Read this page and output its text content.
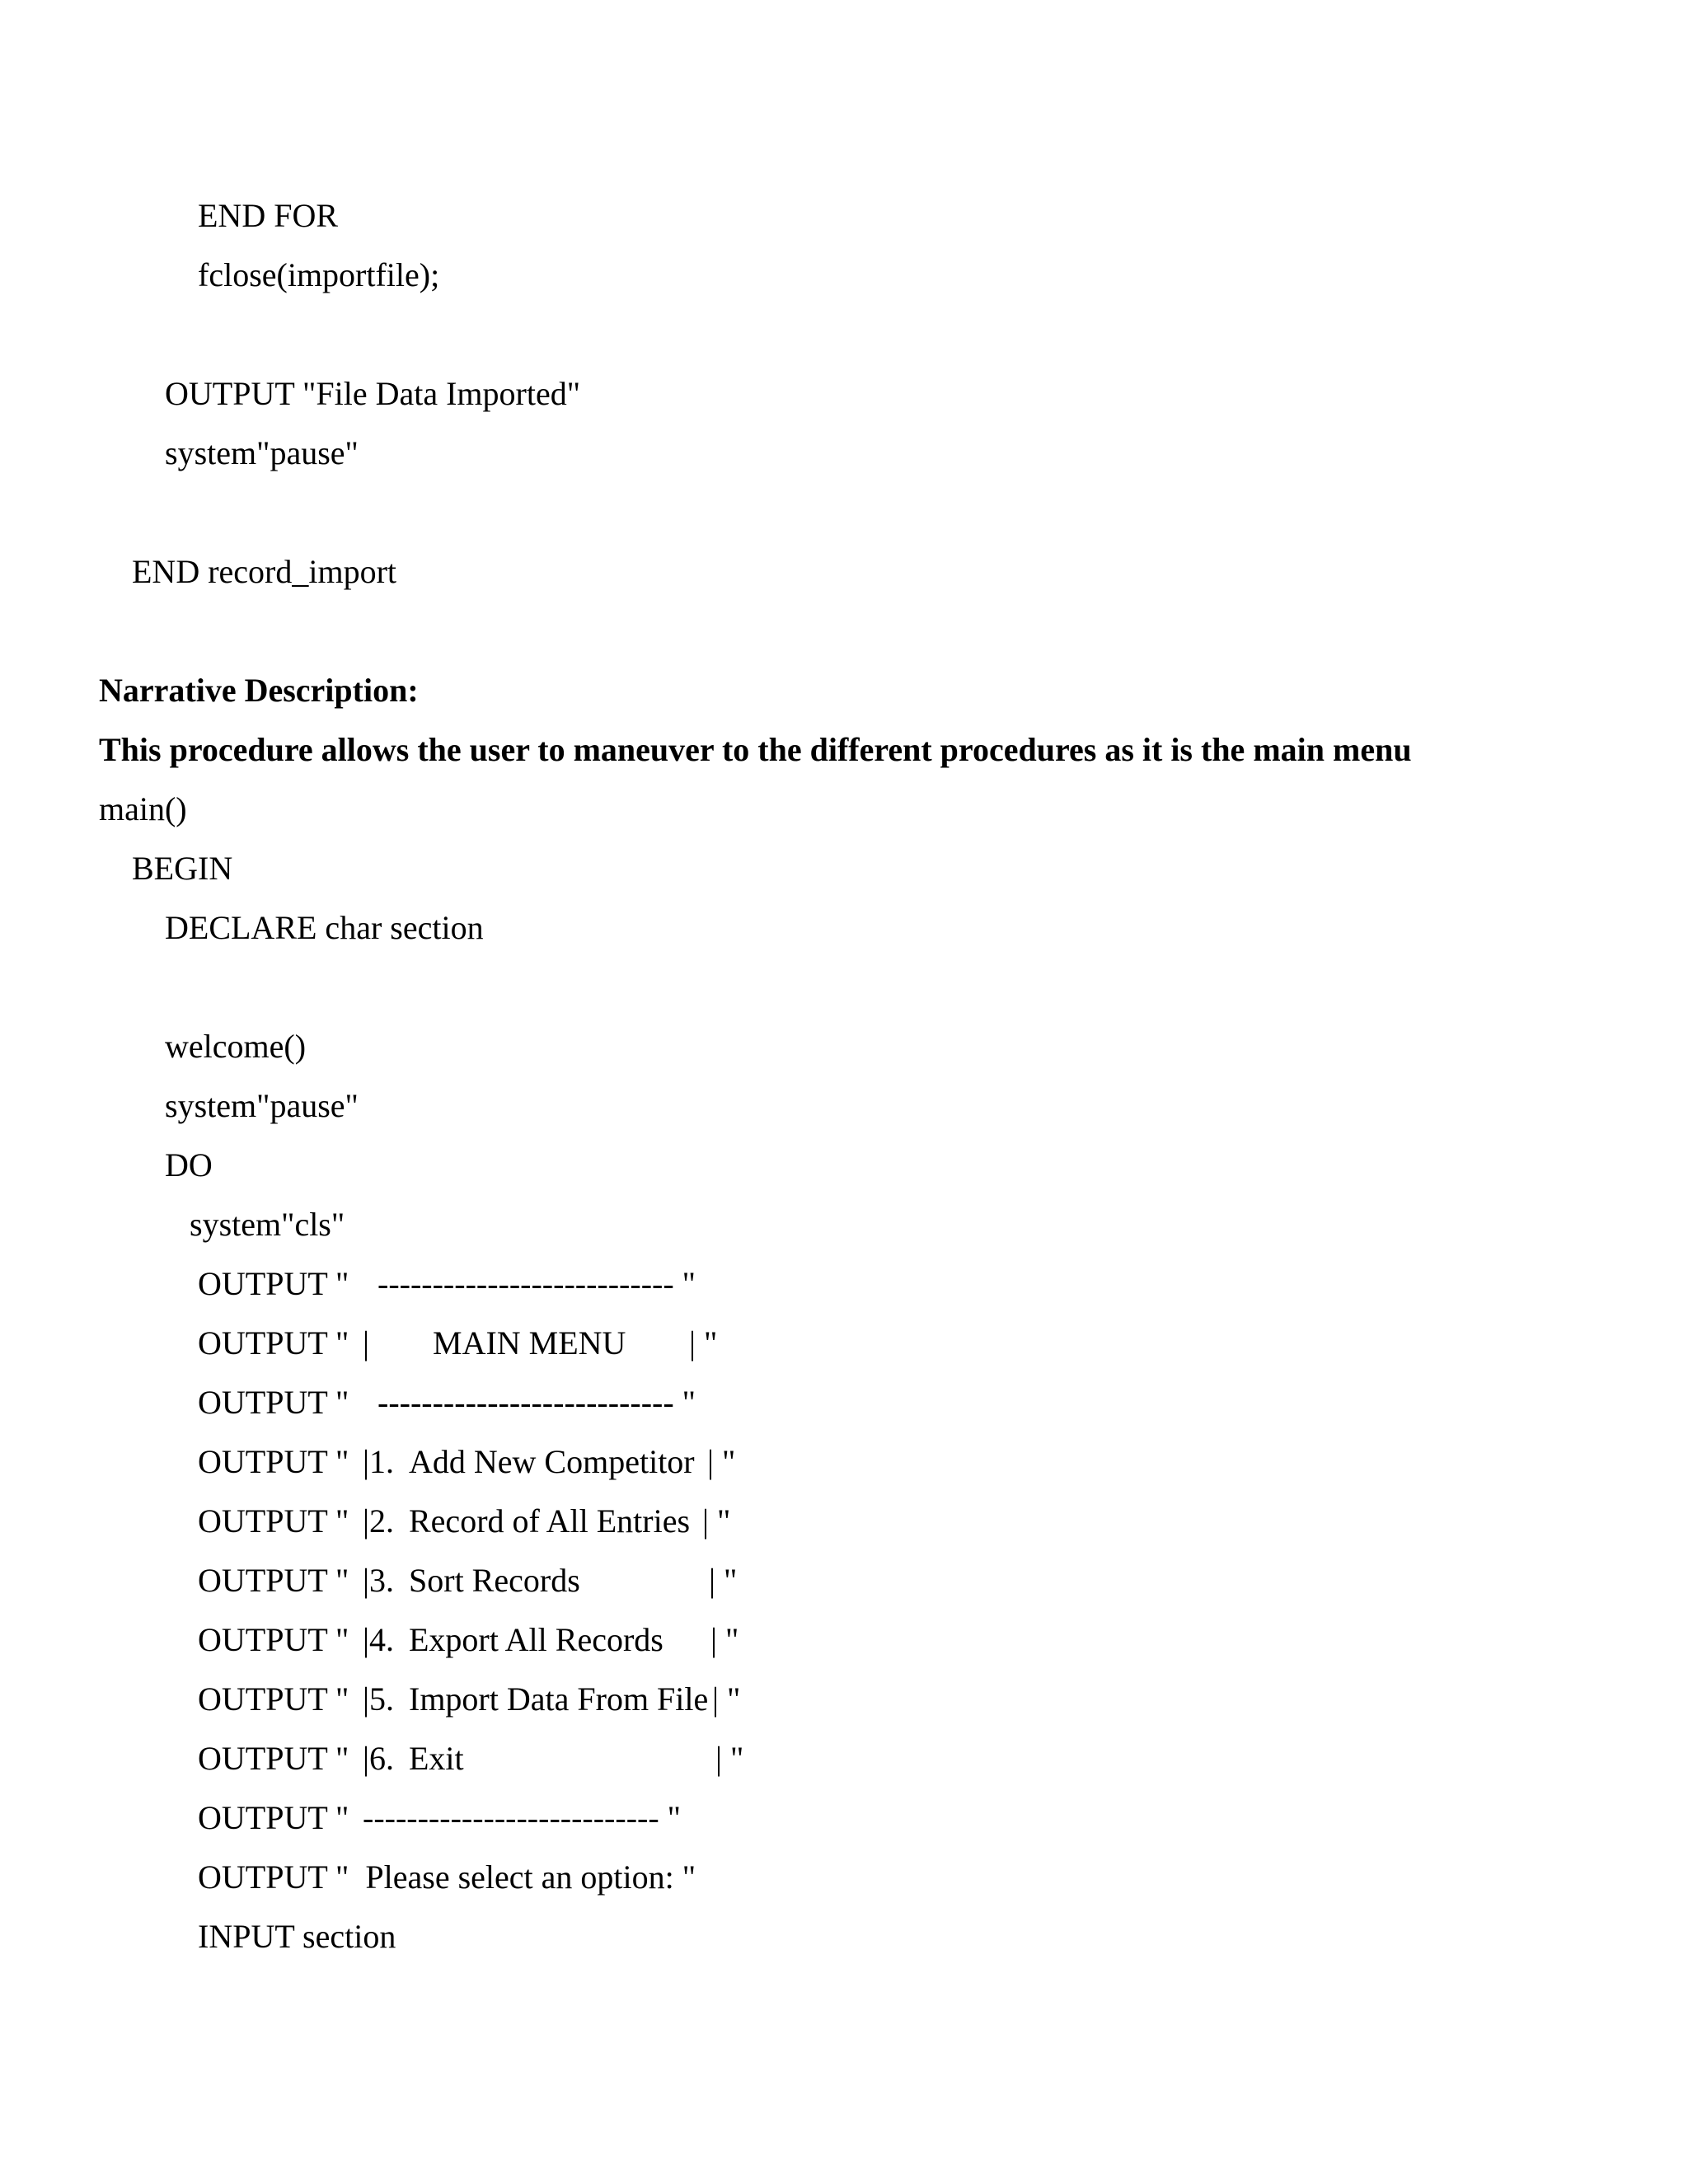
END FOR
fclose(importfile);
OUTPUT "File Data Imported"
system"pause"
END record_import
Narrative Description:
This procedure allows the user to maneuver to the different procedures as it is the main menu
main()
BEGIN
DECLARE char section
welcome()
system"pause"
DO
system"cls"

OUTPUT "

--------------------------- "

OUTPUT "

|

MAIN MENU

| "

OUTPUT "

--------------------------- "

OUTPUT "

|1.

Add New Competitor

| "

OUTPUT "

|2.

Record of All Entries

| "

OUTPUT "

|3.

Sort Records

	| "

OUTPUT "

|4.

Export All Records

| "

OUTPUT "

|5.

Import Data From File

| "

OUTPUT "

|6.

Exit

	| "

OUTPUT "

--------------------------- "

OUTPUT "  Please select an option: "
INPUT section
